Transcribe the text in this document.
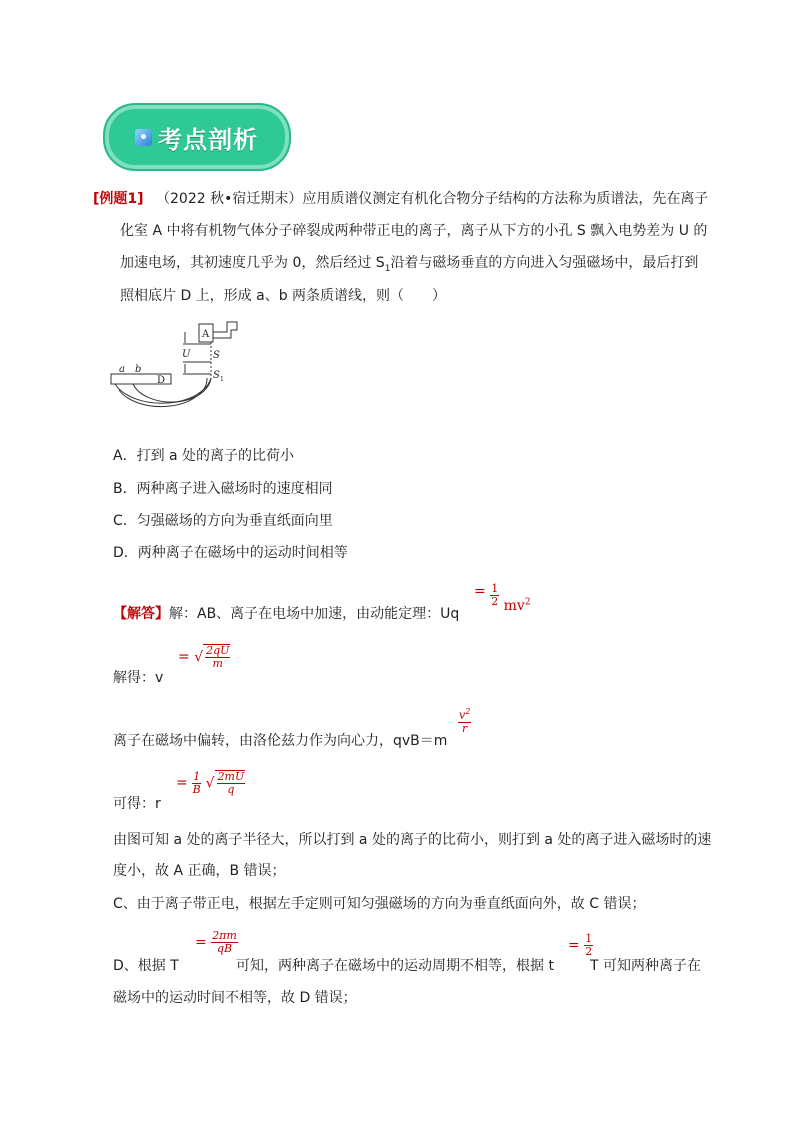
考点剖析
[例题1] （2022 秋•宿迁期末）应用质谱仪测定有机化合物分子结构的方法称为质谱法，先在离子
化室 A 中将有机物气体分子碎裂成两种带正电的离子，离子从下方的小孔 S 飘入电势差为 U 的
加速电场，其初速度几乎为 0，然后经过 $S_1$沿着与磁场垂直的方向进入匀强磁场中，最后打到
照相底片 D 上，形成 a、b 两条质谱线，则（　　）
A
U S
S 1
D
a b
A．打到 a 处的离子的比荷小
B．两种离子进入磁场时的速度相同
C．匀强磁场的方向为垂直纸面向里
D．两种离子在磁场中的运动时间相等
【解答】解：AB、离子在电场中加速，由动能定理：Uq
= $\frac{1}{2} mv^2$
解得：v
= √ $\frac{2qU}{m}$
离子在磁场中偏转，由洛伦兹力作为向心力，qvB＝m
$\frac{v^2}{r}$
可得：r
= $\frac{1}{B}$ √ $\frac{2mU}{q}$
由图可知 a 处的离子半径大，所以打到 a 处的离子的比荷小，则打到 a 处的离子进入磁场时的速
度小，故 A 正确，B 错误；
C、由于离子带正电，根据左手定则可知匀强磁场的方向为垂直纸面向外，故 C 错误；
D、根据 T
= $\frac{2\pi m}{qB}$
可知，两种离子在磁场中的运动周期不相等，根据 t
= $\frac{1}{2}$
T 可知两种离子在
磁场中的运动时间不相等，故 D 错误；
